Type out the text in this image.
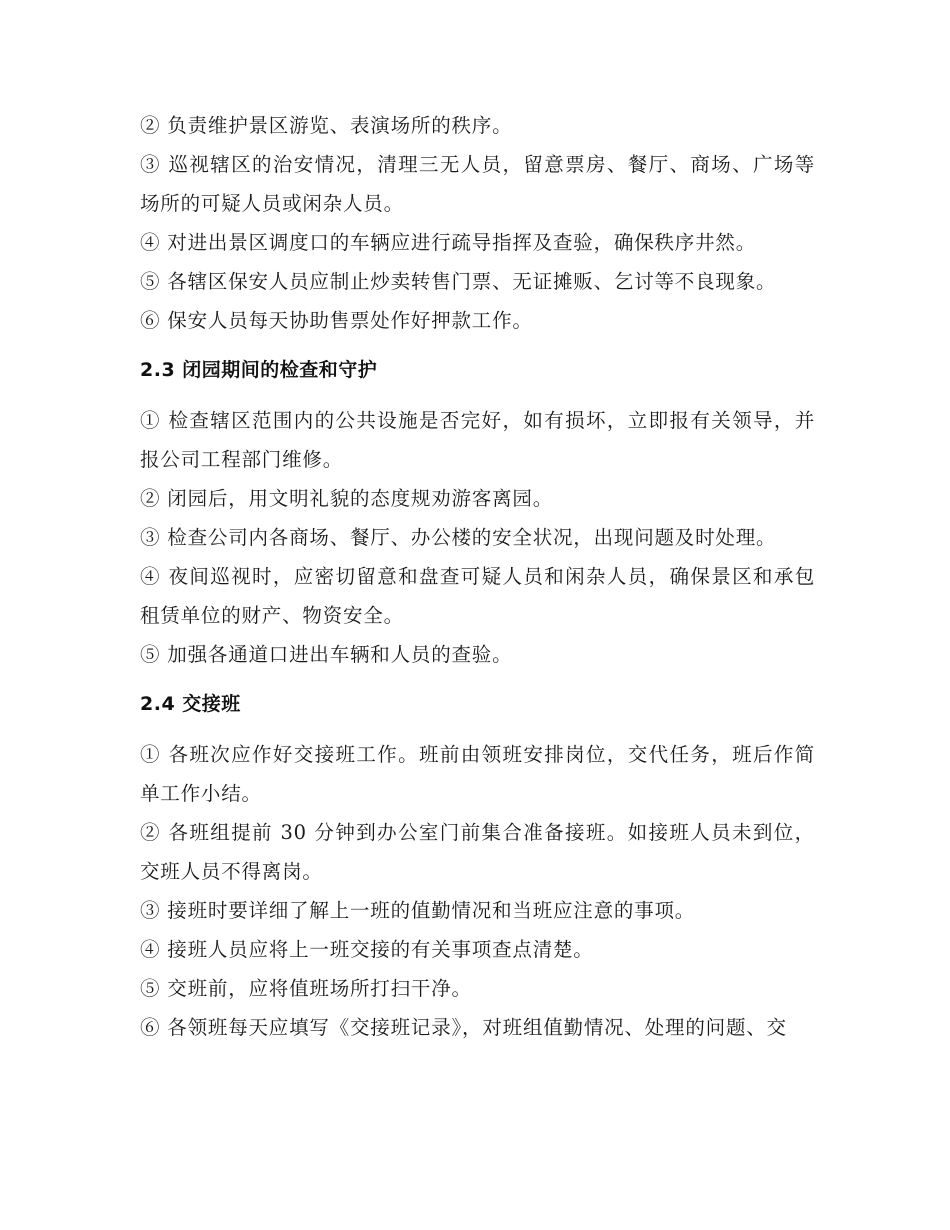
② 负责维护景区游览、表演场所的秩序。

③ 巡视辖区的治安情况，清理三无人员，留意票房、餐厅、商场、广场等场所的可疑人员或闲杂人员。

④ 对进出景区调度口的车辆应进行疏导指挥及查验，确保秩序井然。

⑤ 各辖区保安人员应制止炒卖转售门票、无证摊贩、乞讨等不良现象。

⑥ 保安人员每天协助售票处作好押款工作。

2.3 闭园期间的检查和守护

① 检查辖区范围内的公共设施是否完好，如有损坏，立即报有关领导，并报公司工程部门维修。

② 闭园后，用文明礼貌的态度规劝游客离园。

③ 检查公司内各商场、餐厅、办公楼的安全状况，出现问题及时处理。

④ 夜间巡视时，应密切留意和盘查可疑人员和闲杂人员，确保景区和承包租赁单位的财产、物资安全。

⑤ 加强各通道口进出车辆和人员的查验。

2.4 交接班

① 各班次应作好交接班工作。班前由领班安排岗位，交代任务，班后作简单工作小结。

② 各班组提前 30 分钟到办公室门前集合准备接班。如接班人员未到位，交班人员不得离岗。

③ 接班时要详细了解上一班的值勤情况和当班应注意的事项。

④ 接班人员应将上一班交接的有关事项查点清楚。

⑤ 交班前，应将值班场所打扫干净。

⑥ 各领班每天应填写《交接班记录》，对班组值勤情况、处理的问题、交
